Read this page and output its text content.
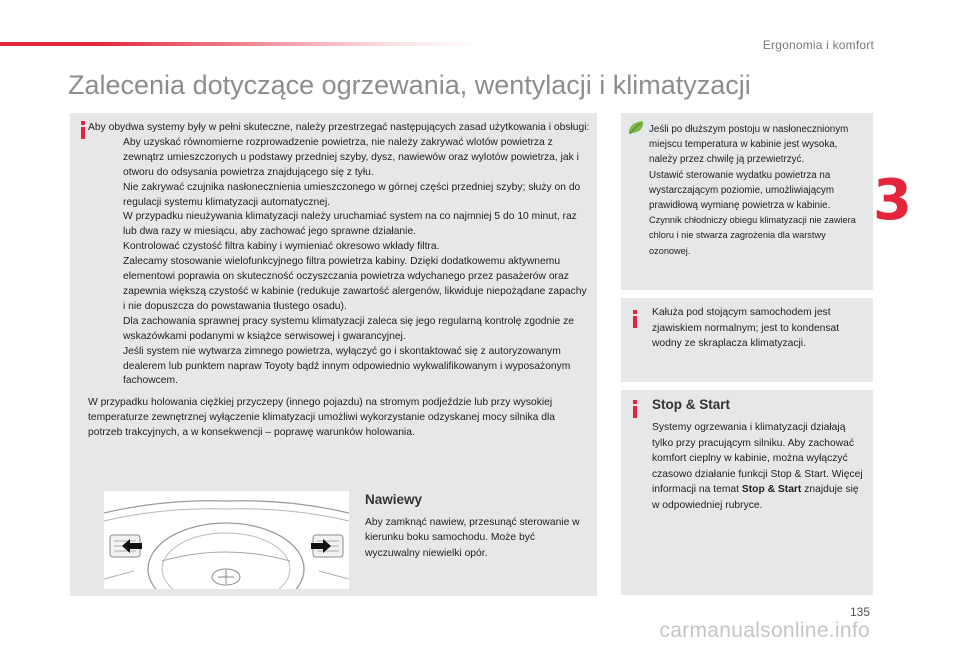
Ergonomia i komfort
3
Zalecenia dotyczące ogrzewania, wentylacji i klimatyzacji

Aby obydwa systemy były w pełni skuteczne, należy przestrzegać następujących zasad użytkowania i obsługi:

Aby uzyskać równomierne rozprowadzenie powietrza, nie należy zakrywać wlotów powietrza z zewnątrz umieszczonych u podstawy przedniej szyby, dysz, nawiewów oraz wylotów powietrza, jak i otworu do odsysania powietrza znajdującego się z tyłu.
Nie zakrywać czujnika nasłonecznienia umieszczonego w górnej części przedniej szyby; służy on do regulacji systemu klimatyzacji automatycznej.
W przypadku nieużywania klimatyzacji należy uruchamiać system na co najmniej 5 do 10 minut, raz lub dwa razy w miesiącu, aby zachować jego sprawne działanie.
Kontrolować czystość filtra kabiny i wymieniać okresowo wkłady filtra.
Zalecamy stosowanie wielofunkcyjnego filtra powietrza kabiny. Dzięki dodatkowemu aktywnemu elementowi poprawia on skuteczność oczyszczania powietrza wdychanego przez pasażerów oraz zapewnia większą czystość w kabinie (redukuje zawartość alergenów, likwiduje niepożądane zapachy i nie dopuszcza do powstawania tłustego osadu).
Dla zachowania sprawnej pracy systemu klimatyzacji zaleca się jego regularną kontrolę zgodnie ze wskazówkami podanymi w książce serwisowej i gwarancyjnej.
Jeśli system nie wytwarza zimnego powietrza, wyłączyć go i skontaktować się z autoryzowanym dealerem lub punktem napraw Toyoty bądź innym odpowiednio wykwalifikowanym i wyposażonym fachowcem.

W przypadku holowania ciężkiej przyczepy (innego pojazdu) na stromym podjeździe lub przy wysokiej temperaturze zewnętrznej wyłączenie klimatyzacji umożliwi wykorzystanie odzyskanej mocy silnika dla potrzeb trakcyjnych, a w konsekwencji – poprawę warunków holowania.

Nawiewy
Aby zamknąć nawiew, przesunąć sterowanie w kierunku boku samochodu. Może być wyczuwalny niewielki opór.

Jeśli po dłuższym postoju w nasłonecznionym miejscu temperatura w kabinie jest wysoka, należy przez chwilę ją przewietrzyć.

Ustawić sterowanie wydatku powietrza na wystarczającym poziomie, umożliwiającym prawidłową wymianę powietrza w kabinie.

Czynnik chłodniczy obiegu klimatyzacji nie zawiera chloru i nie stwarza zagrożenia dla warstwy ozonowej.

Kałuża pod stojącym samochodem jest zjawiskiem normalnym; jest to kondensat wodny ze skraplacza klimatyzacji.
Stop & Start
Systemy ogrzewania i klimatyzacji działają tylko przy pracującym silniku. Aby zachować komfort cieplny w kabinie, można wyłączyć czasowo działanie funkcji Stop & Start. Więcej informacji na temat Stop & Start znajduje się w odpowiedniej rubryce.
135
carmanualsonline.info
